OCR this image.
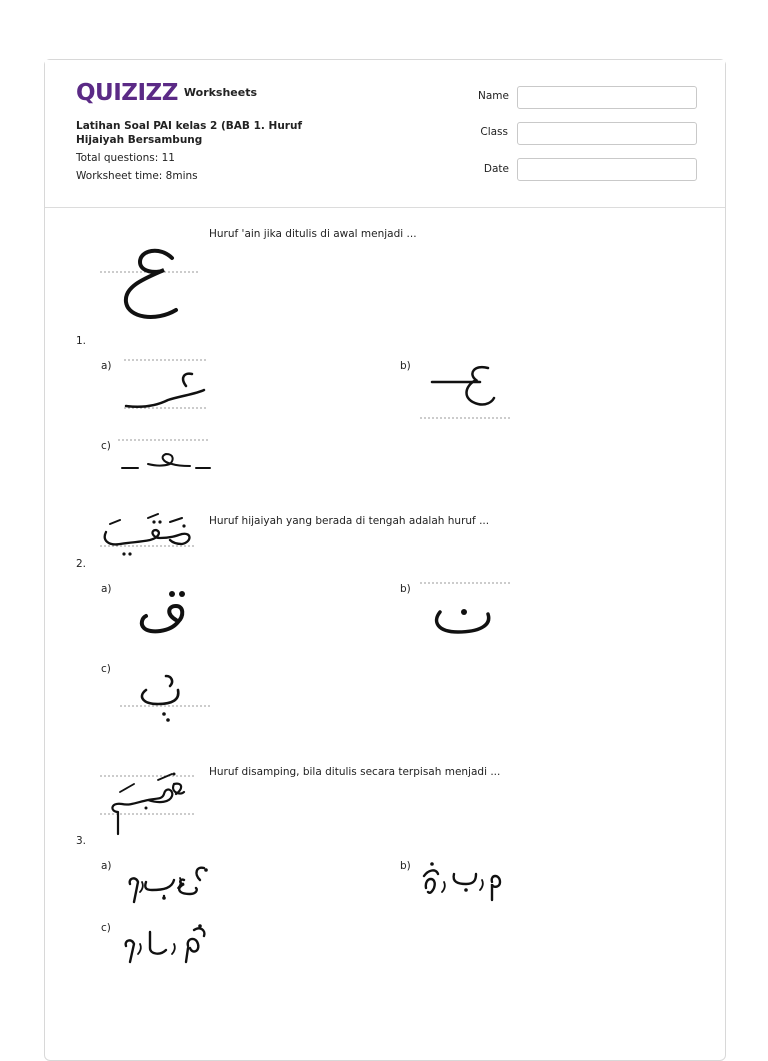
QUIZIZZ Worksheets
Latihan Soal PAI kelas 2 (BAB 1. Huruf Hijaiyah Bersambung
Total questions: 11
Worksheet time: 8mins
Name
Class
Date
Huruf 'ain jika ditulis di awal menjadi ...
1.
a)	b)
c)
Huruf hijaiyah yang berada di tengah adalah huruf ...
2.
a)	b)
c)
Huruf disamping, bila ditulis secara terpisah menjadi ...
3.
a)	b)
c)
